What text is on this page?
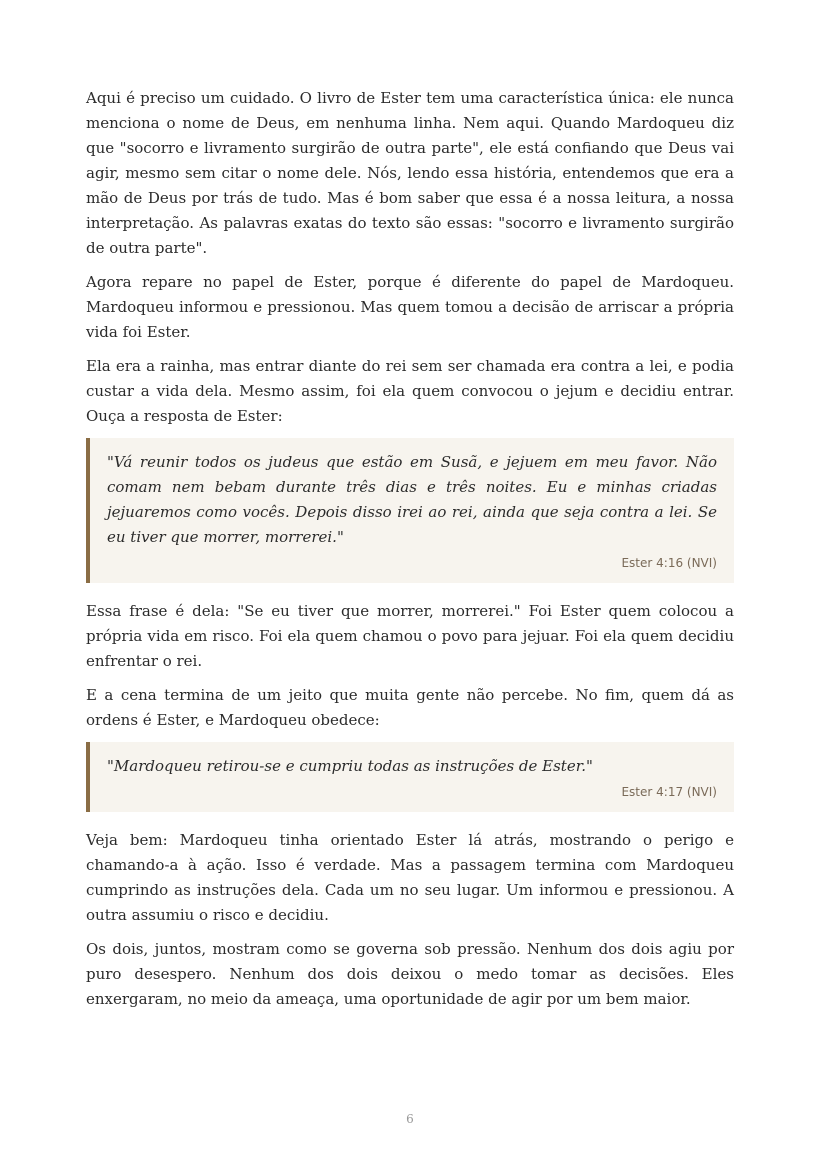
Aqui é preciso um cuidado. O livro de Ester tem uma característica única: ele nunca menciona o nome de Deus, em nenhuma linha. Nem aqui. Quando Mardoqueu diz que "socorro e livramento surgirão de outra parte", ele está confiando que Deus vai agir, mesmo sem citar o nome dele. Nós, lendo essa história, entendemos que era a mão de Deus por trás de tudo. Mas é bom saber que essa é a nossa leitura, a nossa interpretação. As palavras exatas do texto são essas: "socorro e livramento surgirão de outra parte".

Agora repare no papel de Ester, porque é diferente do papel de Mardoqueu. Mardoqueu informou e pressionou. Mas quem tomou a decisão de arriscar a própria vida foi Ester.

Ela era a rainha, mas entrar diante do rei sem ser chamada era contra a lei, e podia custar a vida dela. Mesmo assim, foi ela quem convocou o jejum e decidiu entrar. Ouça a resposta de Ester:

"Vá reunir todos os judeus que estão em Susã, e jejuem em meu favor. Não comam nem bebam durante três dias e três noites. Eu e minhas criadas jejuaremos como vocês. Depois disso irei ao rei, ainda que seja contra a lei. Se eu tiver que morrer, morrerei."

Ester 4:16 (NVI)

Essa frase é dela: "Se eu tiver que morrer, morrerei." Foi Ester quem colocou a própria vida em risco. Foi ela quem chamou o povo para jejuar. Foi ela quem decidiu enfrentar o rei.

E a cena termina de um jeito que muita gente não percebe. No fim, quem dá as ordens é Ester, e Mardoqueu obedece:

"Mardoqueu retirou-se e cumpriu todas as instruções de Ester."

Ester 4:17 (NVI)

Veja bem: Mardoqueu tinha orientado Ester lá atrás, mostrando o perigo e chamando-a à ação. Isso é verdade. Mas a passagem termina com Mardoqueu cumprindo as instruções dela. Cada um no seu lugar. Um informou e pressionou. A outra assumiu o risco e decidiu.

Os dois, juntos, mostram como se governa sob pressão. Nenhum dos dois agiu por puro desespero. Nenhum dos dois deixou o medo tomar as decisões. Eles enxergaram, no meio da ameaça, uma oportunidade de agir por um bem maior.

6
